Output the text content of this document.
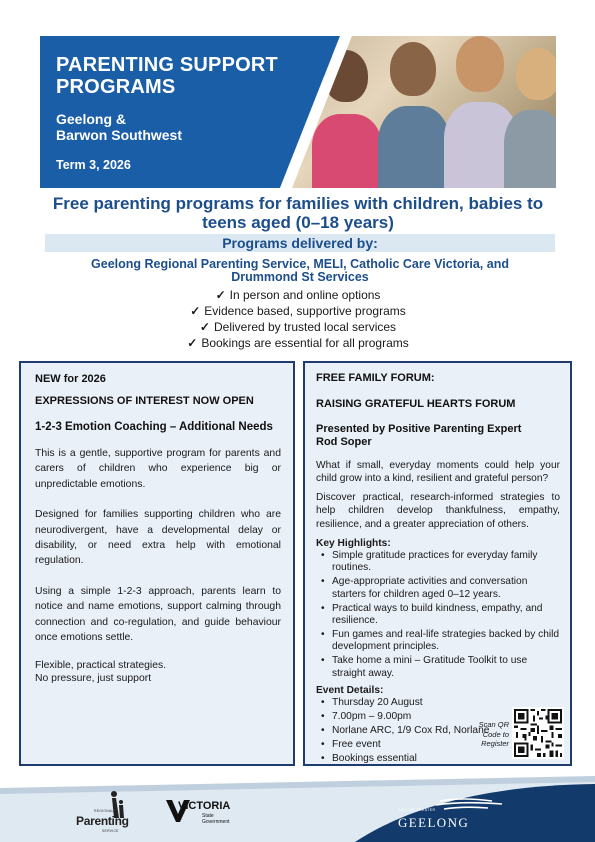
PARENTING SUPPORT PROGRAMS
Geelong &
Barwon Southwest
Term 3, 2026
Free parenting programs for families with children, babies to teens aged (0–18 years)
Programs delivered by:
Geelong Regional Parenting Service, MELI, Catholic Care Victoria, and Drummond St Services
✓ In person and online options
✓ Evidence based, supportive programs
✓ Delivered by trusted local services
✓ Bookings are essential for all programs
NEW for 2026
EXPRESSIONS OF INTEREST NOW OPEN
1-2-3 Emotion Coaching – Additional Needs

This is a gentle, supportive program for parents and carers of children who experience big or unpredictable emotions.

Designed for families supporting children who are neurodivergent, have a developmental delay or disability, or need extra help with emotional regulation.

Using a simple 1-2-3 approach, parents learn to notice and name emotions, support calming through connection and co-regulation, and guide behaviour once emotions settle.

Flexible, practical strategies.

No pressure, just support

FREE FAMILY FORUM:
RAISING GRATEFUL HEARTS FORUM
Presented by Positive Parenting Expert
Rod Soper

What if small, everyday moments could help your child grow into a kind, resilient and grateful person?

Discover practical, research-informed strategies to help children develop thankfulness, empathy, resilience, and a greater appreciation of others.

Key Highlights:
• Simple gratitude practices for everyday family routines.
• Age-appropriate activities and conversation starters for children aged 0–12 years.
• Practical ways to build kindness, empathy, and resilience.
• Fun games and real-life strategies backed by child development principles.
• Take home a mini – Gratitude Toolkit to use straight away.
Event Details:
• Thursday 20 August
• 7.00pm – 9.00pm
• Norlane ARC, 1/9 Cox Rd, Norlane
• Free event
• Bookings essential
Scan QR
Code to
Register
REGIONAL
Parenting
SERVICE
VICTORIA
State
Government
CITY OF GREATER
GEELONG
